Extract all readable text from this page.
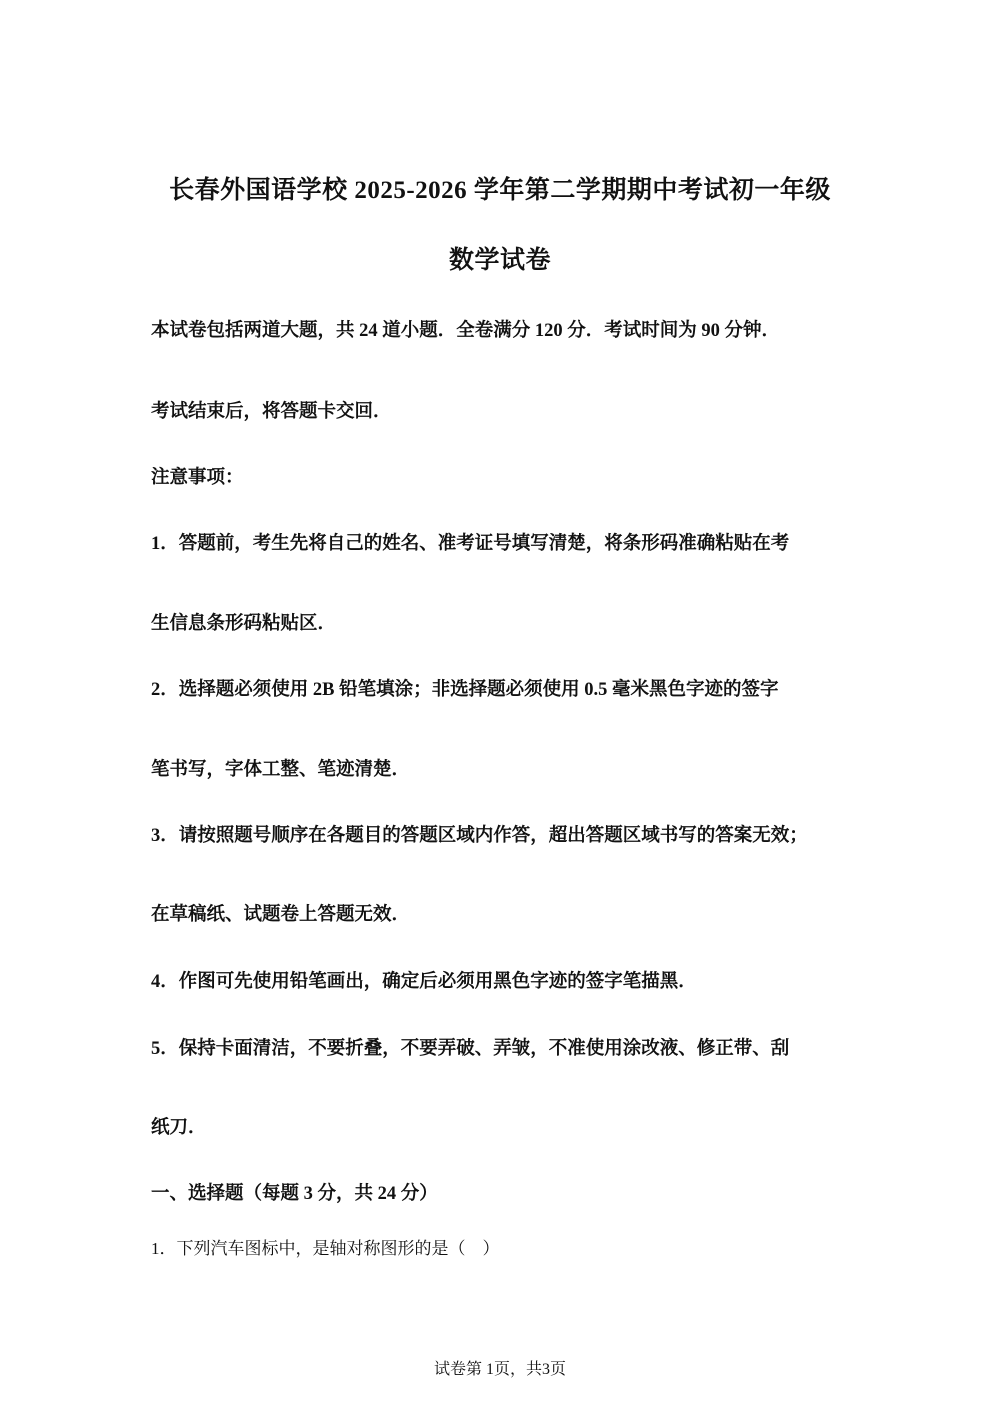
长春外国语学校 2025-2026 学年第二学期期中考试初一年级
数学试卷
本试卷包括两道大题，共 24 道小题．全卷满分 120 分．考试时间为 90 分钟．
考试结束后，将答题卡交回．
注意事项：
1．答题前，考生先将自己的姓名、准考证号填写清楚，将条形码准确粘贴在考
生信息条形码粘贴区．
2．选择题必须使用 2B 铅笔填涂；非选择题必须使用 0.5 毫米黑色字迹的签字
笔书写，字体工整、笔迹清楚．
3．请按照题号顺序在各题目的答题区域内作答，超出答题区域书写的答案无效；
在草稿纸、试题卷上答题无效．
4．作图可先使用铅笔画出，确定后必须用黑色字迹的签字笔描黑．
5．保持卡面清洁，不要折叠，不要弄破、弄皱，不准使用涂改液、修正带、刮
纸刀．
一、选择题（每题 3 分，共 24 分）
1．下列汽车图标中，是轴对称图形的是（　）
试卷第 1页，共3页
